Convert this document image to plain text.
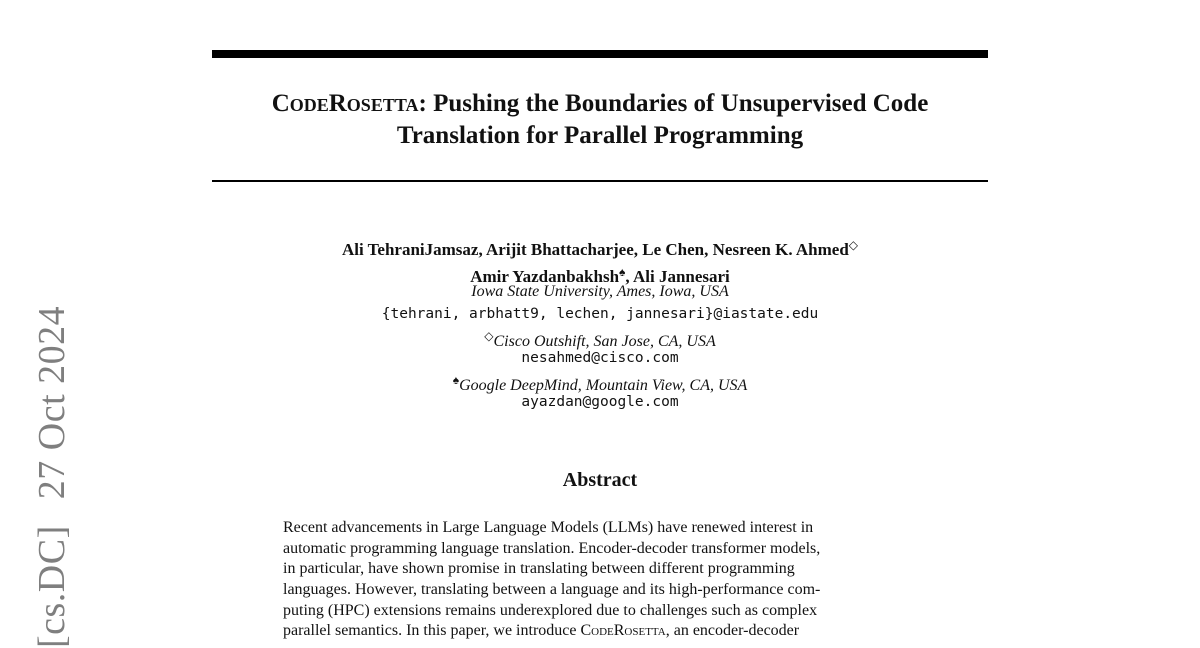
[cs.DC] 27 Oct 2024
CodeRosetta: Pushing the Boundaries of Unsupervised Code
Translation for Parallel Programming
Ali TehraniJamsaz, Arijit Bhattacharjee, Le Chen, Nesreen K. Ahmed◇
Amir Yazdanbakhsh♠, Ali Jannesari
Iowa State University, Ames, Iowa, USA
{tehrani, arbhatt9, lechen, jannesari}@iastate.edu
◇Cisco Outshift, San Jose, CA, USA
nesahmed@cisco.com
♠Google DeepMind, Mountain View, CA, USA
ayazdan@google.com
Abstract
Recent advancements in Large Language Models (LLMs) have renewed interest in
automatic programming language translation. Encoder-decoder transformer models,
in particular, have shown promise in translating between different programming
languages. However, translating between a language and its high-performance com-
puting (HPC) extensions remains underexplored due to challenges such as complex
parallel semantics. In this paper, we introduce CodeRosetta, an encoder-decoder
